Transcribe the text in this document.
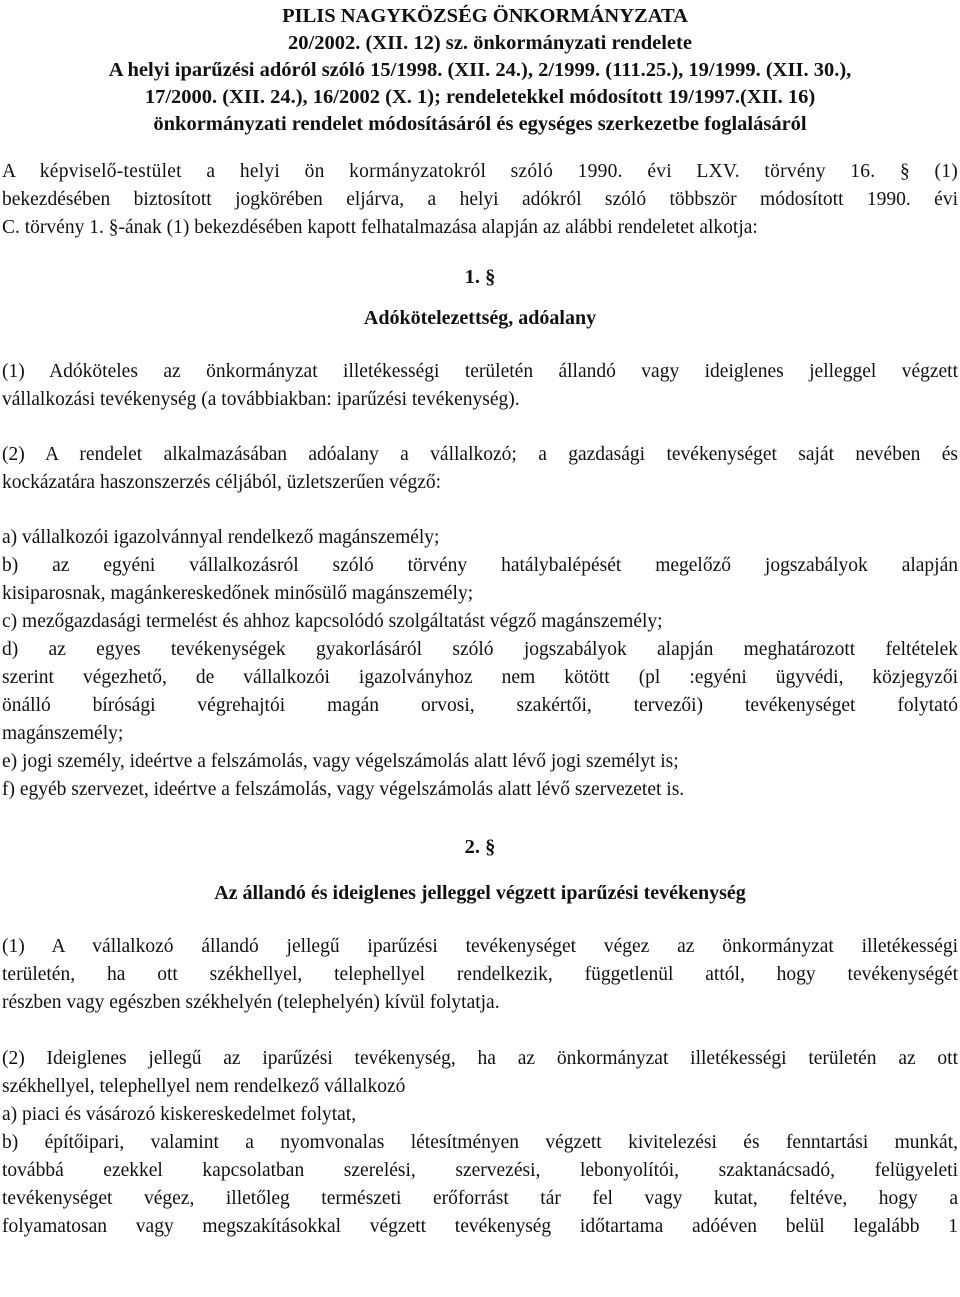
PILIS NAGYKÖZSÉG ÖNKORMÁNYZATA
20/2002. (XII. 12) sz. önkormányzati rendelete
A helyi iparűzési adóról szóló 15/1998. (XII. 24.), 2/1999. (111.25.), 19/1999. (XII. 30.),
17/2000. (XII. 24.), 16/2002 (X. 1); rendeletekkel módosított 19/1997.(XII. 16)
önkormányzati rendelet módosításáról és egységes szerkezetbe foglalásáról
A képviselő-testület a helyi ön kormányzatokról szóló 1990. évi LXV. törvény 16. § (1)
bekezdésében biztosított jogkörében eljárva, a helyi adókról szóló többször módosított 1990. évi
C. törvény 1. §-ának (1) bekezdésében kapott felhatalmazása alapján az alábbi rendeletet alkotja:
1. §
Adókötelezettség, adóalany
(1) Adóköteles az önkormányzat illetékességi területén állandó vagy ideiglenes jelleggel végzett
vállalkozási tevékenység (a továbbiakban: iparűzési tevékenység).
(2) A rendelet alkalmazásában adóalany a vállalkozó; a gazdasági tevékenységet saját nevében és
kockázatára haszonszerzés céljából, üzletszerűen végző:
a) vállalkozói igazolvánnyal rendelkező magánszemély;
b) az egyéni vállalkozásról szóló törvény hatálybalépését megelőző jogszabályok alapján
kisiparosnak, magánkereskedőnek minősülő magánszemély;
c) mezőgazdasági termelést és ahhoz kapcsolódó szolgáltatást végző magánszemély;
d) az egyes tevékenységek gyakorlásáról szóló jogszabályok alapján meghatározott feltételek
szerint végezhető, de vállalkozói igazolványhoz nem kötött (pl :egyéni ügyvédi, közjegyzői
önálló bírósági végrehajtói magán orvosi, szakértői, tervezői) tevékenységet folytató
magánszemély;
e) jogi személy, ideértve a felszámolás, vagy végelszámolás alatt lévő jogi személyt is;
f) egyéb szervezet, ideértve a felszámolás, vagy végelszámolás alatt lévő szervezetet is.
2. §
Az állandó és ideiglenes jelleggel végzett iparűzési tevékenység
(1) A vállalkozó állandó jellegű iparűzési tevékenységet végez az önkormányzat illetékességi
területén, ha ott székhellyel, telephellyel rendelkezik, függetlenül attól, hogy tevékenységét
részben vagy egészben székhelyén (telephelyén) kívül folytatja.
(2) Ideiglenes jellegű az iparűzési tevékenység, ha az önkormányzat illetékességi területén az ott
székhellyel, telephellyel nem rendelkező vállalkozó
a) piaci és vásározó kiskereskedelmet folytat,
b) építőipari, valamint a nyomvonalas létesítményen végzett kivitelezési és fenntartási munkát,
továbbá ezekkel kapcsolatban szerelési, szervezési, lebonyolítói, szaktanácsadó, felügyeleti
tevékenységet végez, illetőleg természeti erőforrást tár fel vagy kutat, feltéve, hogy a
folyamatosan vagy megszakításokkal végzett tevékenység időtartama adóéven belül legalább 1
